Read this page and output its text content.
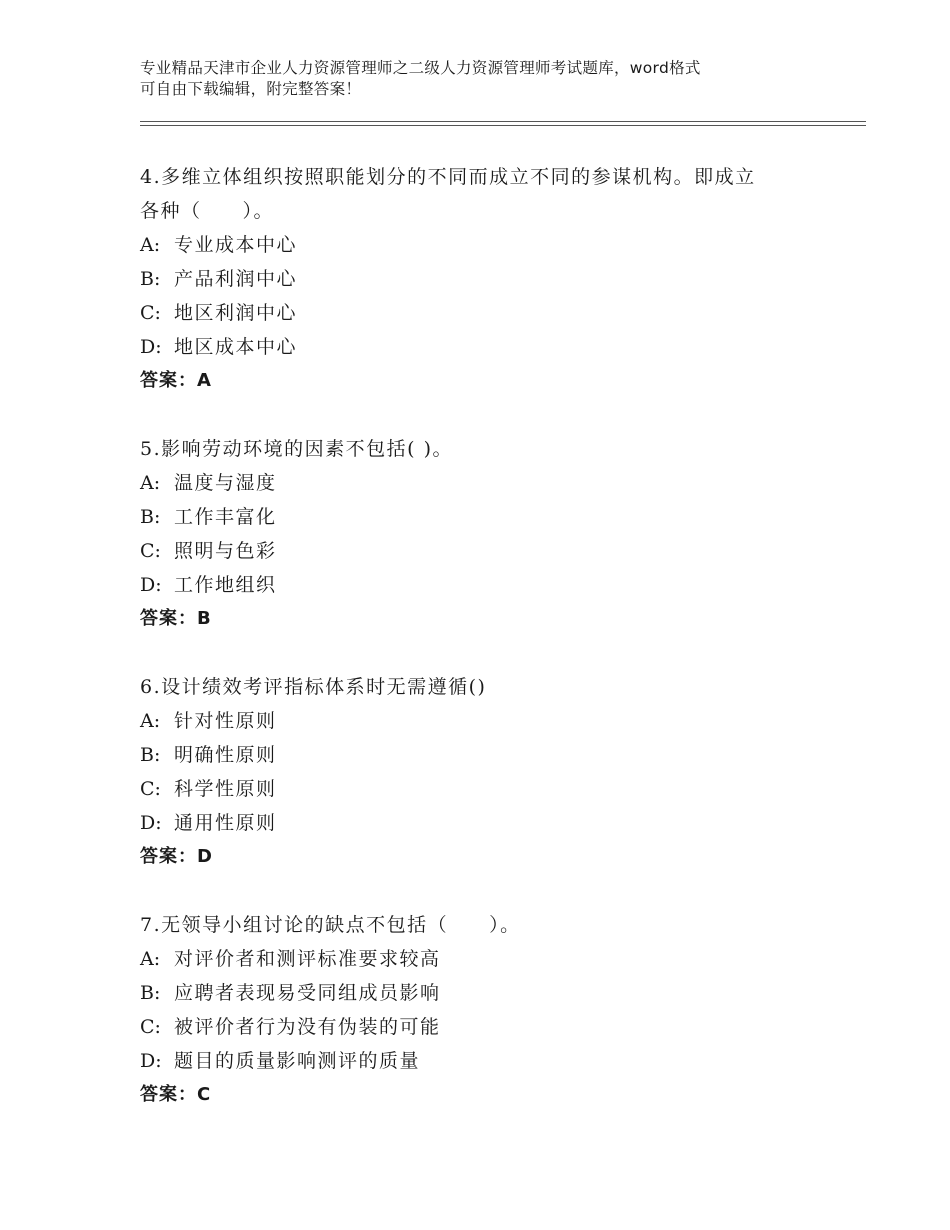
专业精品天津市企业人力资源管理师之二级人力资源管理师考试题库，word格式
可自由下载编辑，附完整答案！
4.多维立体组织按照职能划分的不同而成立不同的参谋机构。即成立
各种（　　）。
A: 专业成本中心
B: 产品利润中心
C: 地区利润中心
D: 地区成本中心
答案：A
5.影响劳动环境的因素不包括( )。
A: 温度与湿度
B: 工作丰富化
C: 照明与色彩
D: 工作地组织
答案：B
6.设计绩效考评指标体系时无需遵循()
A: 针对性原则
B: 明确性原则
C: 科学性原则
D: 通用性原则
答案：D
7.无领导小组讨论的缺点不包括（　　）。
A: 对评价者和测评标准要求较高
B: 应聘者表现易受同组成员影响
C: 被评价者行为没有伪装的可能
D: 题目的质量影响测评的质量
答案：C
